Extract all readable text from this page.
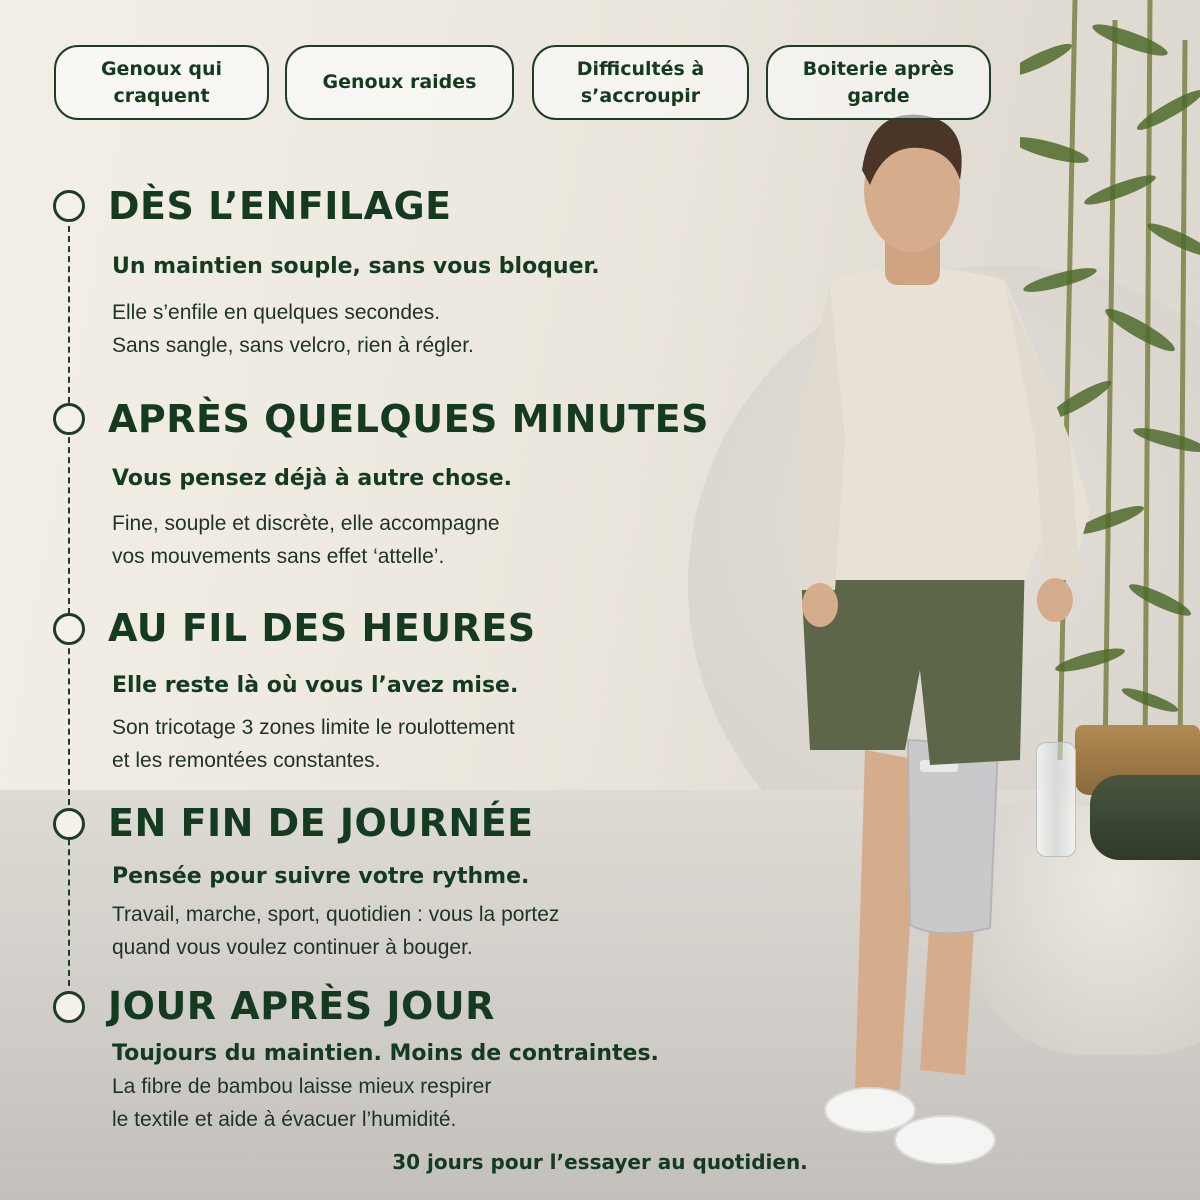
Genoux qui
craquent
Genoux raides
Difficultés à
s’accroupir
Boiterie après
garde
DÈS L’ENFILAGE
Un maintien souple, sans vous bloquer.
Elle s’enfile en quelques secondes.
Sans sangle, sans velcro, rien à régler.
APRÈS QUELQUES MINUTES
Vous pensez déjà à autre chose.
Fine, souple et discrète, elle accompagne
vos mouvements sans effet ‘attelle’.
AU FIL DES HEURES
Elle reste là où vous l’avez mise.
Son tricotage 3 zones limite le roulottement
et les remontées constantes.
EN FIN DE JOURNÉE
Pensée pour suivre votre rythme.
Travail, marche, sport, quotidien : vous la portez
quand vous voulez continuer à bouger.
JOUR APRÈS JOUR
Toujours du maintien. Moins de contraintes.
La fibre de bambou laisse mieux respirer
le textile et aide à évacuer l’humidité.
30 jours pour l’essayer au quotidien.
